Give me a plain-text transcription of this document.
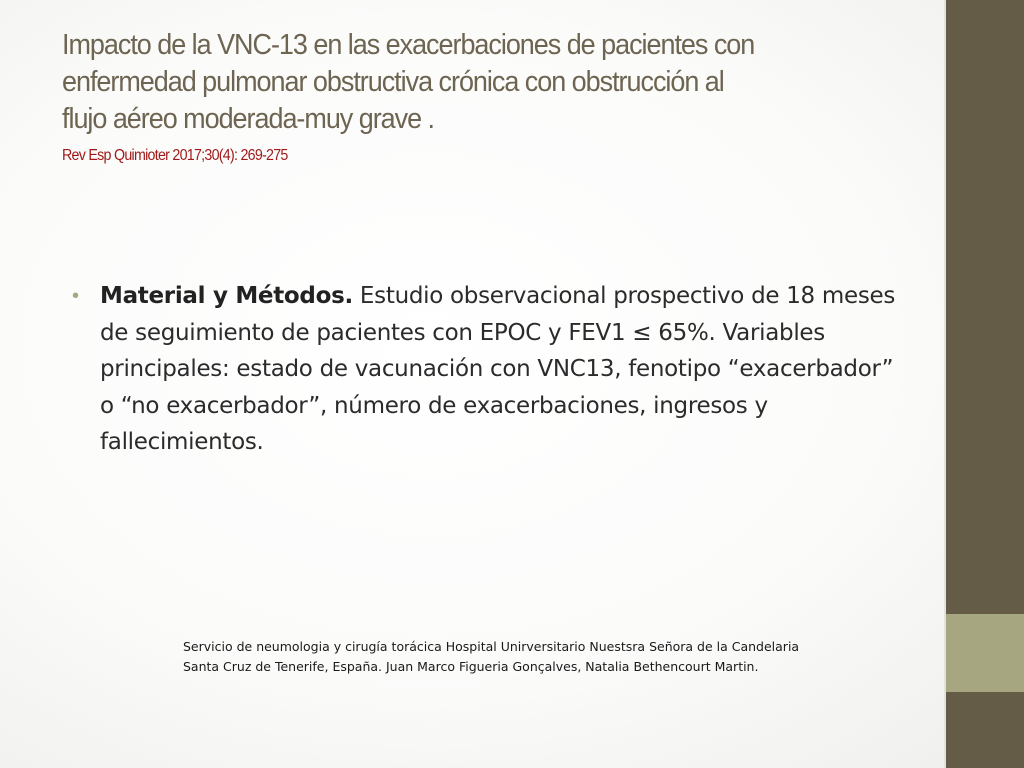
Impacto de la VNC-13 en las exacerbaciones de pacientes con
enfermedad pulmonar obstructiva crónica con obstrucción al
flujo aéreo moderada-muy grave .
Rev Esp Quimioter 2017;30(4): 269-275
• Material y Métodos. Estudio observacional prospectivo de 18 meses de seguimiento de pacientes con EPOC y FEV1 ≤ 65%. Variables principales: estado de vacunación con VNC13, fenotipo “exacerbador” o “no exacerbador”, número de exacerbaciones, ingresos y fallecimientos.
Servicio de neumologia y cirugía torácica Hospital Unirversitario Nuestsra Señora de la Candelaria
Santa Cruz de Tenerife, España. Juan Marco Figueria Gonçalves, Natalia Bethencourt Martin.
